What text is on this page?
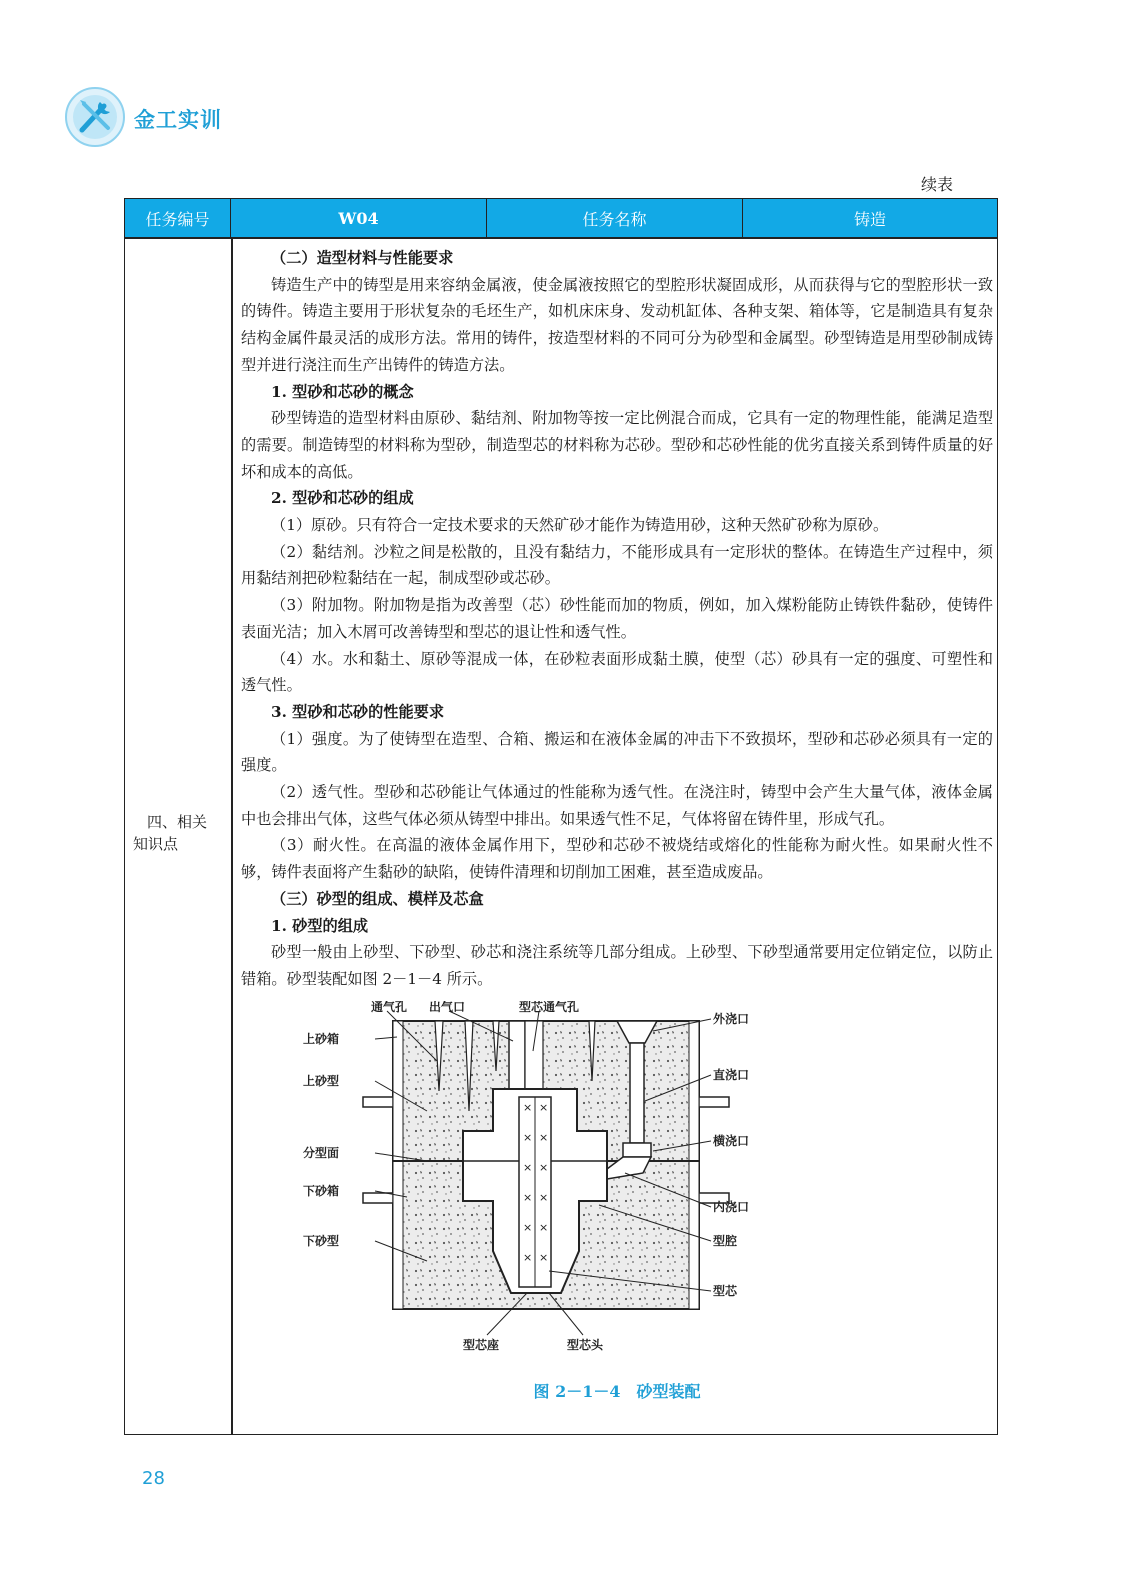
金工实训
续表
任务编号	W04	任务名称	铸造
四、相关
知识点

（二）造型材料与性能要求

铸造生产中的铸型是用来容纳金属液，使金属液按照它的型腔形状凝固成形，从而获得与它的型腔形状一致的铸件。铸造主要用于形状复杂的毛坯生产，如机床床身、发动机缸体、各种支架、箱体等，它是制造具有复杂结构金属件最灵活的成形方法。常用的铸件，按造型材料的不同可分为砂型和金属型。砂型铸造是用型砂制成铸型并进行浇注而生产出铸件的铸造方法。

1. 型砂和芯砂的概念

砂型铸造的造型材料由原砂、黏结剂、附加物等按一定比例混合而成，它具有一定的物理性能，能满足造型的需要。制造铸型的材料称为型砂，制造型芯的材料称为芯砂。型砂和芯砂性能的优劣直接关系到铸件质量的好坏和成本的高低。

2. 型砂和芯砂的组成

（1）原砂。只有符合一定技术要求的天然矿砂才能作为铸造用砂，这种天然矿砂称为原砂。

（2）黏结剂。沙粒之间是松散的，且没有黏结力，不能形成具有一定形状的整体。在铸造生产过程中，须用黏结剂把砂粒黏结在一起，制成型砂或芯砂。

（3）附加物。附加物是指为改善型（芯）砂性能而加的物质，例如，加入煤粉能防止铸铁件黏砂，使铸件表面光洁；加入木屑可改善铸型和型芯的退让性和透气性。

（4）水。水和黏土、原砂等混成一体，在砂粒表面形成黏土膜，使型（芯）砂具有一定的强度、可塑性和透气性。

3. 型砂和芯砂的性能要求

（1）强度。为了使铸型在造型、合箱、搬运和在液体金属的冲击下不致损坏，型砂和芯砂必须具有一定的强度。

（2）透气性。型砂和芯砂能让气体通过的性能称为透气性。在浇注时，铸型中会产生大量气体，液体金属中也会排出气体，这些气体必须从铸型中排出。如果透气性不足，气体将留在铸件里，形成气孔。

（3）耐火性。在高温的液体金属作用下，型砂和芯砂不被烧结或熔化的性能称为耐火性。如果耐火性不够，铸件表面将产生黏砂的缺陷，使铸件清理和切削加工困难，甚至造成废品。

（三）砂型的组成、模样及芯盒

1. 砂型的组成

砂型一般由上砂型、下砂型、砂芯和浇注系统等几部分组成。上砂型、下砂型通常要用定位销定位，以防止错箱。砂型装配如图 2－1－4 所示。

× ×
× ×
× ×
× ×
× ×
× ×
通气孔 出气口	型芯通气孔
外浇口
上砂箱
上砂型	直浇口
横浇口
分型面
下砂箱
内浇口
下砂型	型腔
型芯
型芯座	型芯头
图 2－1－4　砂型装配
28
